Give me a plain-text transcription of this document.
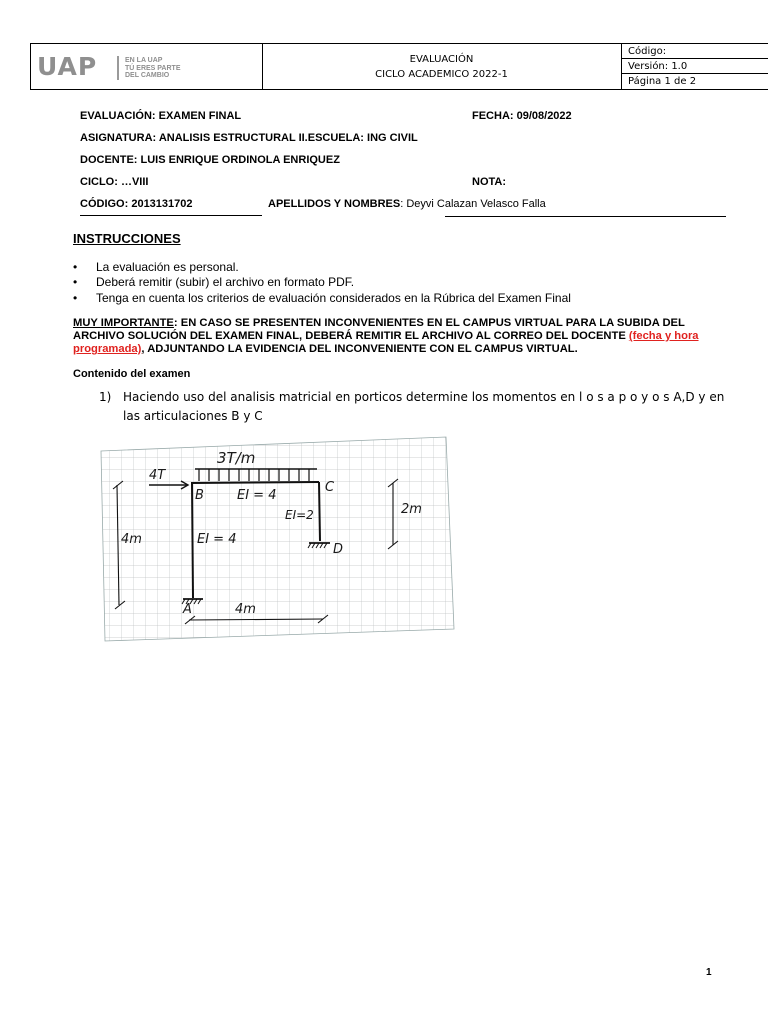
UAP	EN LA UAP
TÚ ERES PARTE
DEL CAMBIO
EVALUACIÓN
CICLO ACADEMICO 2022-1
Código:
Versión: 1.0
Página 1 de 2
EVALUACIÓN: EXAMEN FINAL	FECHA: 09/08/2022
ASIGNATURA: ANALISIS ESTRUCTURAL II.ESCUELA: ING CIVIL
DOCENTE: LUIS ENRIQUE ORDINOLA ENRIQUEZ
CICLO: …VIII	NOTA:
CÓDIGO: 2013131702	APELLIDOS Y NOMBRES: Deyvi Calazan Velasco Falla
INSTRUCCIONES
• La evaluación es personal.
• Deberá remitir (subir) el archivo en formato PDF.
• Tenga en cuenta los criterios de evaluación considerados en la Rúbrica del Examen Final
MUY IMPORTANTE: EN CASO SE PRESENTEN INCONVENIENTES EN EL CAMPUS VIRTUAL PARA LA SUBIDA DEL ARCHIVO SOLUCIÓN DEL EXAMEN FINAL, DEBERÁ REMITIR EL ARCHIVO AL CORREO DEL DOCENTE (fecha y hora programada), ADJUNTANDO LA EVIDENCIA DEL INCONVENIENTE CON EL CAMPUS VIRTUAL.
Contenido del examen
1) Haciendo uso del analisis matricial en porticos determine los momentos en l o s a p o y o s A,D y en las articulaciones B y C
3T/m
4T
B
C
D
A
EI = 4
EI = 4
EI=2
4m
2m
4m
1
